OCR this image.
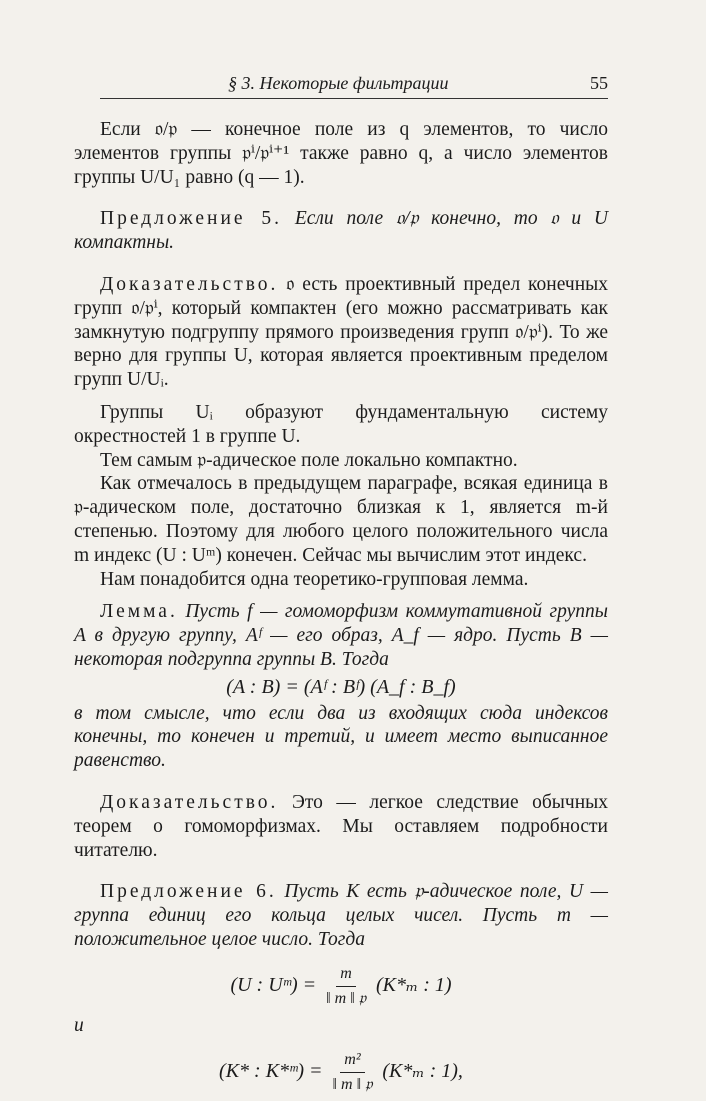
§ 3. Некоторые фильтрации	55

Если 𝔬/𝔭 — конечное поле из q элементов, то число элементов группы 𝔭ⁱ/𝔭ⁱ⁺¹ также равно q, а число элементов группы U/U₁ равно (q — 1).

Предложение 5. Если поле 𝔬/𝔭 конечно, то 𝔬 и U компактны.

Доказательство. 𝔬 есть проективный предел конечных групп 𝔬/𝔭ⁱ, который компактен (его можно рассматривать как замкнутую подгруппу прямого произведения групп 𝔬/𝔭ⁱ). То же верно для группы U, которая является проективным пределом групп U/Uᵢ.

Группы Uᵢ образуют фундаментальную систему окрестностей 1 в группе U.

Тем самым 𝔭-адическое поле локально компактно.

Как отмечалось в предыдущем параграфе, всякая единица в 𝔭-адическом поле, достаточно близкая к 1, является m-й степенью. Поэтому для любого целого положительного числа m индекс (U : Uᵐ) конечен. Сейчас мы вычислим этот индекс.

Нам понадобится одна теоретико-групповая лемма.

Лемма. Пусть f — гомоморфизм коммутативной группы A в другую группу, Aᶠ — его образ, A_f — ядро. Пусть B — некоторая подгруппа группы B. Тогда

(A : B) = (Aᶠ : Bᶠ) (A_f : B_f)

в том смысле, что если два из входящих сюда индексов конечны, то конечен и третий, и имеет место выписанное равенство.

Доказательство. Это — легкое следствие обычных теорем о гомоморфизмах. Мы оставляем подробности читателю.

Предложение 6. Пусть K есть 𝔭-адическое поле, U — группа единиц его кольца целых чисел. Пусть m — положительное целое число. Тогда

(U : Uᵐ) = $\frac{m}{\text{‖ m ‖ 𝔭}} (K*_m$ : 1)
и
(K* : K*ᵐ) = $\frac{\text{m²}}{\text{‖ m ‖ 𝔭}} (K*_m$ : 1),
